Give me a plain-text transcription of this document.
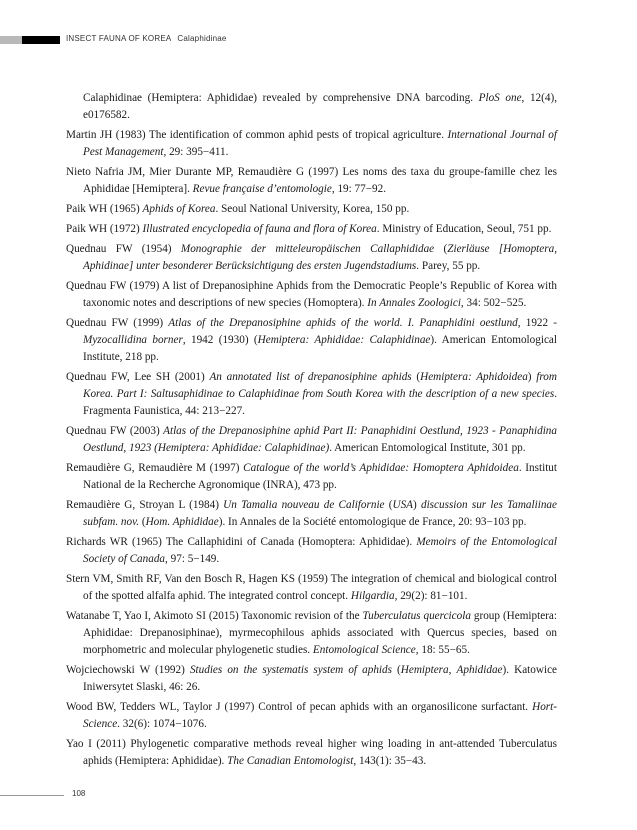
INSECT FAUNA OF KOREA Calaphidinae

Calaphidinae (Hemiptera: Aphididae) revealed by comprehensive DNA barcoding. PloS one, 12(4), e0176582.

Martin JH (1983) The identification of common aphid pests of tropical agriculture. International Journal of Pest Management, 29: 395−411.

Nieto Nafria JM, Mier Durante MP, Remaudière G (1997) Les noms des taxa du groupe-famille chez les Aphididae [Hemiptera]. Revue française d’entomologie, 19: 77−92.

Paik WH (1965) Aphids of Korea. Seoul National University, Korea, 150 pp.

Paik WH (1972) Illustrated encyclopedia of fauna and flora of Korea. Ministry of Education, Seoul, 751 pp.

Quednau FW (1954) Monographie der mitteleuropäischen Callaphididae (Zierläuse [Homoptera, Aphidinae] unter besonderer Berücksichtigung des ersten Jugendstadiums. Parey, 55 pp.

Quednau FW (1979) A list of Drepanosiphine Aphids from the Democratic People’s Republic of Korea with taxonomic notes and descriptions of new species (Homoptera). In Annales Zoologici, 34: 502−525.

Quednau FW (1999) Atlas of the Drepanosiphine aphids of the world. I. Panaphidini oestlund, 1922 - Myzocallidina borner, 1942 (1930) (Hemiptera: Aphididae: Calaphidinae). American Entomological Institute, 218 pp.

Quednau FW, Lee SH (2001) An annotated list of drepanosiphine aphids (Hemiptera: Aphidoidea) from Korea. Part I: Saltusaphidinae to Calaphidinae from South Korea with the description of a new species. Fragmenta Faunistica, 44: 213−227.

Quednau FW (2003) Atlas of the Drepanosiphine aphid Part II: Panaphidini Oestlund, 1923 - Panaphidina Oestlund, 1923 (Hemiptera: Aphididae: Calaphidinae). American Entomological Institute, 301 pp.

Remaudière G, Remaudière M (1997) Catalogue of the world’s Aphididae: Homoptera Aphidoidea. Institut National de la Recherche Agronomique (INRA), 473 pp.

Remaudière G, Stroyan L (1984) Un Tamalia nouveau de Californie (USA) discussion sur les Tamaliinae subfam. nov. (Hom. Aphididae). In Annales de la Société entomologique de France, 20: 93−103 pp.

Richards WR (1965) The Callaphidini of Canada (Homoptera: Aphididae). Memoirs of the Entomological Society of Canada, 97: 5−149.

Stern VM, Smith RF, Van den Bosch R, Hagen KS (1959) The integration of chemical and biological control of the spotted alfalfa aphid. The integrated control concept. Hilgardia, 29(2): 81−101.

Watanabe T, Yao I, Akimoto SI (2015) Taxonomic revision of the Tuberculatus quercicola group (Hemiptera: Aphididae: Drepanosiphinae), myrmecophilous aphids associated with Quercus species, based on morphometric and molecular phylogenetic studies. Entomological Science, 18: 55−65.

Wojciechowski W (1992) Studies on the systematis system of aphids (Hemiptera, Aphididae). Katowice Iniwersytet Slaski, 46: 26.

Wood BW, Tedders WL, Taylor J (1997) Control of pecan aphids with an organosilicone surfactant. Hort-Science. 32(6): 1074−1076.

Yao I (2011) Phylogenetic comparative methods reveal higher wing loading in ant-attended Tuberculatus aphids (Hemiptera: Aphididae). The Canadian Entomologist, 143(1): 35−43.

108
